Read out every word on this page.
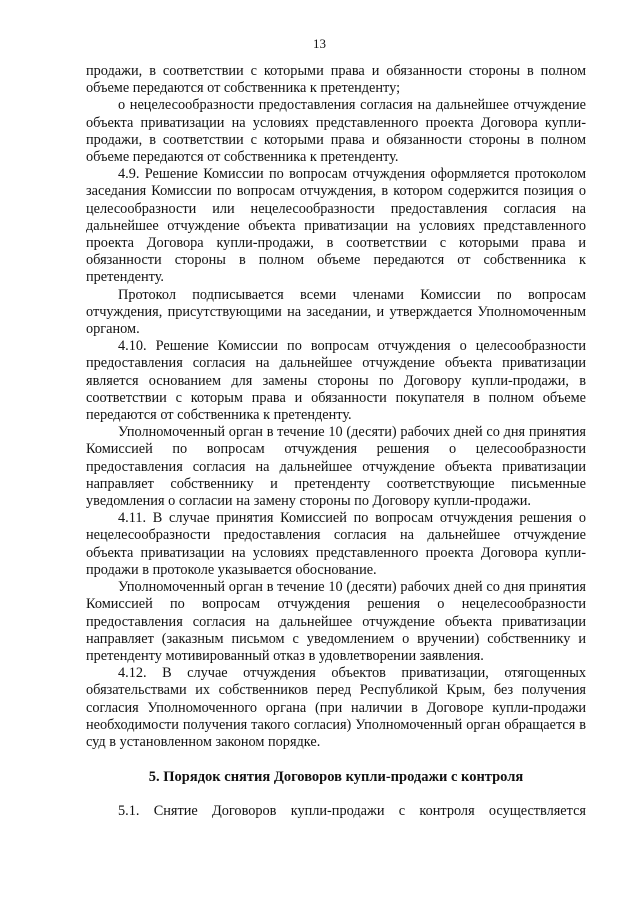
13

продажи, в соответствии с которыми права и обязанности стороны в полном объеме передаются от собственника к претенденту;

о нецелесообразности предоставления согласия на дальнейшее отчуждение объекта приватизации на условиях представленного проекта Договора купли-продажи, в соответствии с которыми права и обязанности стороны в полном объеме передаются от собственника к претенденту.

4.9. Решение Комиссии по вопросам отчуждения оформляется протоколом заседания Комиссии по вопросам отчуждения, в котором содержится позиция о целесообразности или нецелесообразности предоставления согласия на дальнейшее отчуждение объекта приватизации на условиях представленного проекта Договора купли-продажи, в соответствии с которыми права и обязанности стороны в полном объеме передаются от собственника к претенденту.

Протокол подписывается всеми членами Комиссии по вопросам отчуждения, присутствующими на заседании, и утверждается Уполномоченным органом.

4.10. Решение Комиссии по вопросам отчуждения о целесообразности предоставления согласия на дальнейшее отчуждение объекта приватизации является основанием для замены стороны по Договору купли-продажи, в соответствии с которым права и обязанности покупателя в полном объеме передаются от собственника к претенденту.

Уполномоченный орган в течение 10 (десяти) рабочих дней со дня принятия Комиссией по вопросам отчуждения решения о целесообразности предоставления согласия на дальнейшее отчуждение объекта приватизации направляет собственнику и претенденту соответствующие письменные уведомления о согласии на замену стороны по Договору купли-продажи.

4.11. В случае принятия Комиссией по вопросам отчуждения решения о нецелесообразности предоставления согласия на дальнейшее отчуждение объекта приватизации на условиях представленного проекта Договора купли-продажи в протоколе указывается обоснование.

Уполномоченный орган в течение 10 (десяти) рабочих дней со дня принятия Комиссией по вопросам отчуждения решения о нецелесообразности предоставления согласия на дальнейшее отчуждение объекта приватизации направляет (заказным письмом с уведомлением о вручении) собственнику и претенденту мотивированный отказ в удовлетворении заявления.

4.12. В случае отчуждения объектов приватизации, отягощенных обязательствами их собственников перед Республикой Крым, без получения согласия Уполномоченного органа (при наличии в Договоре купли-продажи необходимости получения такого согласия) Уполномоченный орган обращается в суд в установленном законом порядке.

5. Порядок снятия Договоров купли-продажи с контроля

5.1. Снятие Договоров купли-продажи с контроля осуществляется
